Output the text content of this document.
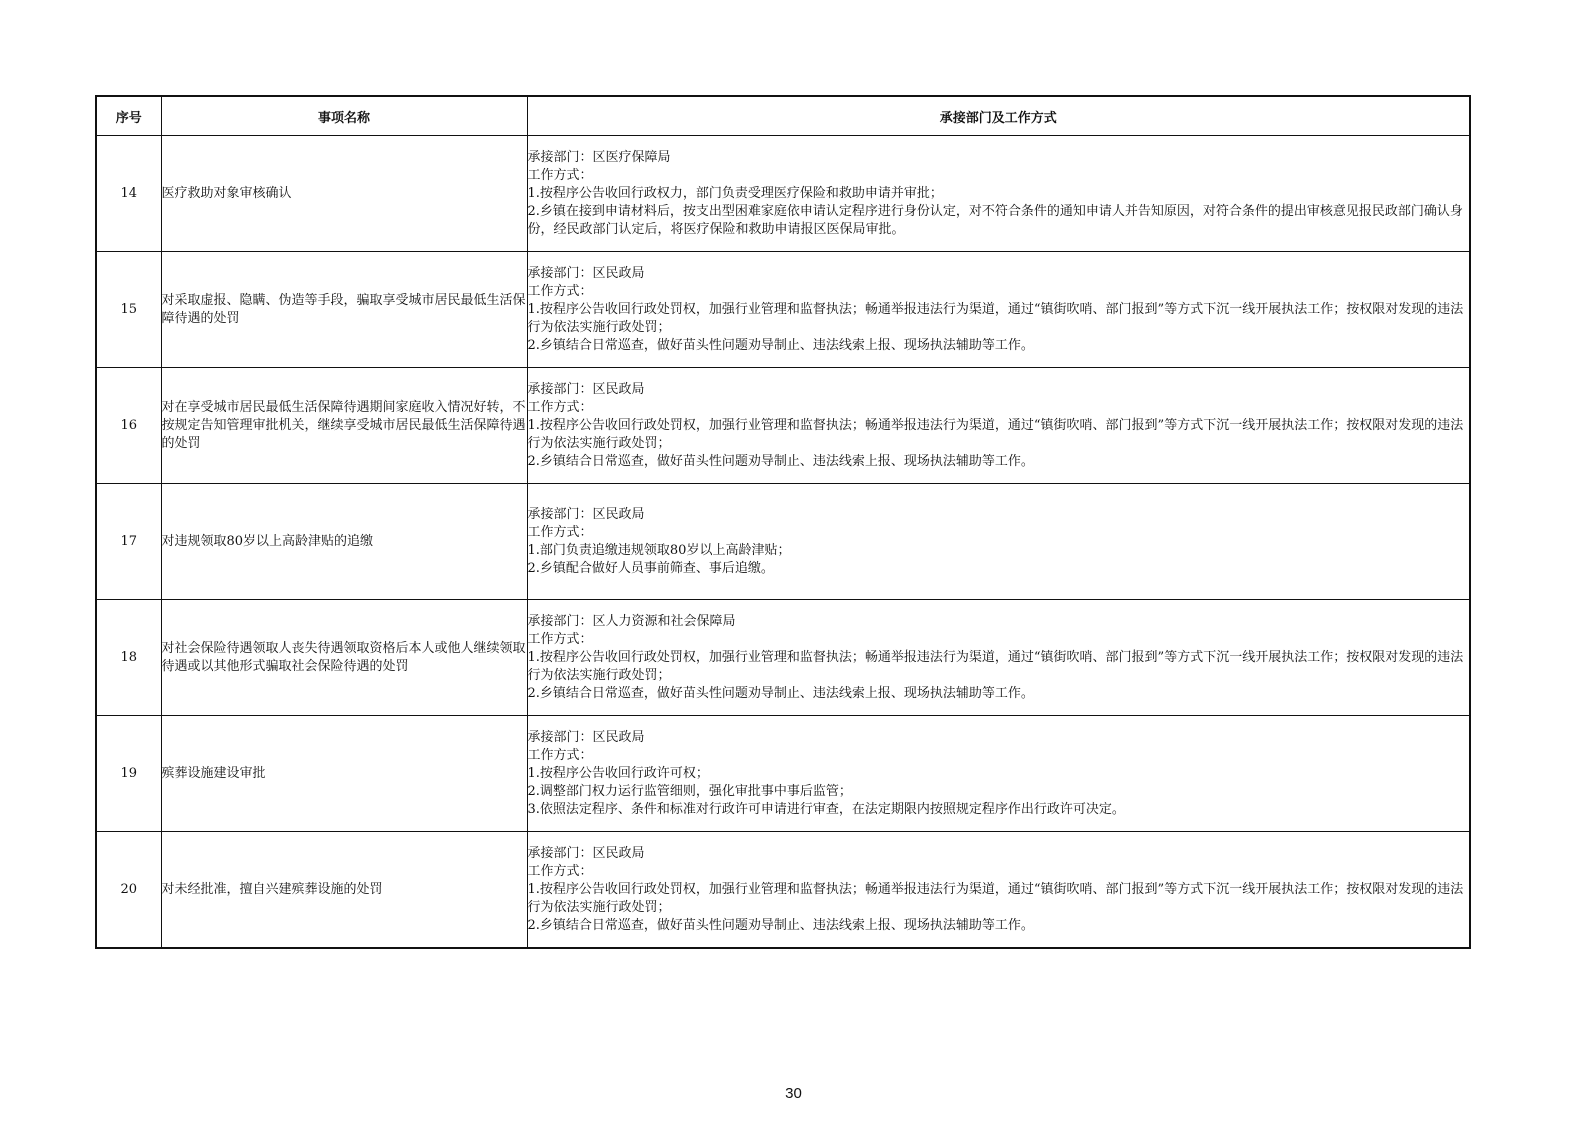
序号	事项名称	承接部门及工作方式
14	医疗救助对象审核确认	承接部门：区医疗保障局
工作方式：
1.按程序公告收回行政权力，部门负责受理医疗保险和救助申请并审批；
2.乡镇在接到申请材料后，按支出型困难家庭依申请认定程序进行身份认定，对不符合条件的通知申请人并告知原因，对符合条件的提出审核意见报民政部门确认身份，经民政部门认定后，将医疗保险和救助申请报区医保局审批。

15	对采取虚报、隐瞒、伪造等手段，骗取享受城市居民最低生活保障待遇的处罚	承接部门：区民政局
工作方式：
1.按程序公告收回行政处罚权，加强行业管理和监督执法；畅通举报违法行为渠道，通过“镇街吹哨、部门报到”等方式下沉一线开展执法工作；按权限对发现的违法行为依法实施行政处罚；
2.乡镇结合日常巡查，做好苗头性问题劝导制止、违法线索上报、现场执法辅助等工作。

16	对在享受城市居民最低生活保障待遇期间家庭收入情况好转，不按规定告知管理审批机关，继续享受城市居民最低生活保障待遇的处罚	承接部门：区民政局
工作方式：
1.按程序公告收回行政处罚权，加强行业管理和监督执法；畅通举报违法行为渠道，通过“镇街吹哨、部门报到”等方式下沉一线开展执法工作；按权限对发现的违法行为依法实施行政处罚；
2.乡镇结合日常巡查，做好苗头性问题劝导制止、违法线索上报、现场执法辅助等工作。

17	对违规领取80岁以上高龄津贴的追缴	承接部门：区民政局
工作方式：
1.部门负责追缴违规领取80岁以上高龄津贴；
2.乡镇配合做好人员事前筛查、事后追缴。

18	对社会保险待遇领取人丧失待遇领取资格后本人或他人继续领取待遇或以其他形式骗取社会保险待遇的处罚	承接部门：区人力资源和社会保障局
工作方式：
1.按程序公告收回行政处罚权，加强行业管理和监督执法；畅通举报违法行为渠道，通过“镇街吹哨、部门报到”等方式下沉一线开展执法工作；按权限对发现的违法行为依法实施行政处罚；
2.乡镇结合日常巡查，做好苗头性问题劝导制止、违法线索上报、现场执法辅助等工作。

19	殡葬设施建设审批	承接部门：区民政局
工作方式：
1.按程序公告收回行政许可权；
2.调整部门权力运行监管细则，强化审批事中事后监管；
3.依照法定程序、条件和标准对行政许可申请进行审查，在法定期限内按照规定程序作出行政许可决定。

20	对未经批准，擅自兴建殡葬设施的处罚	承接部门：区民政局
工作方式：
1.按程序公告收回行政处罚权，加强行业管理和监督执法；畅通举报违法行为渠道，通过“镇街吹哨、部门报到”等方式下沉一线开展执法工作；按权限对发现的违法行为依法实施行政处罚；
2.乡镇结合日常巡查，做好苗头性问题劝导制止、违法线索上报、现场执法辅助等工作。
30
